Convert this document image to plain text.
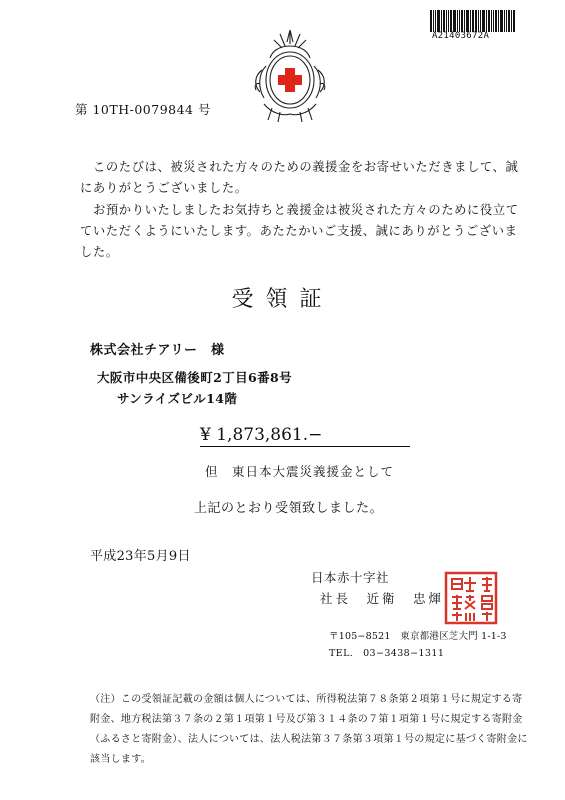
A21403672A
第 10TH-0079844 号
このたびは、被災された方々のための義援金をお寄せいただきまして、誠にありがとうございました。
お預かりいたしましたお気持ちと義援金は被災された方々のために役立てていただくようにいたします。あたたかいご支援、誠にありがとうございました。
受領証
株式会社チアリー　様
大阪市中央区備後町2丁目6番8号
サンライズビル14階
¥ 1,873,861.−
但　東日本大震災義援金として
上記のとおり受領致しました。
平成23年5月9日
日本赤十字社
社長　近衛　忠煇
〒105−8521　東京都港区芝大門 1-1-3
TEL.　03−3438−1311
（注）この受領証記載の金額は個人については、所得税法第７８条第２項第１号に規定する寄附金、地方税法第３７条の２第１項第１号及び第３１４条の７第１項第１号に規定する寄附金（ふるさと寄附金）、法人については、法人税法第３７条第３項第１号の規定に基づく寄附金に該当します。
